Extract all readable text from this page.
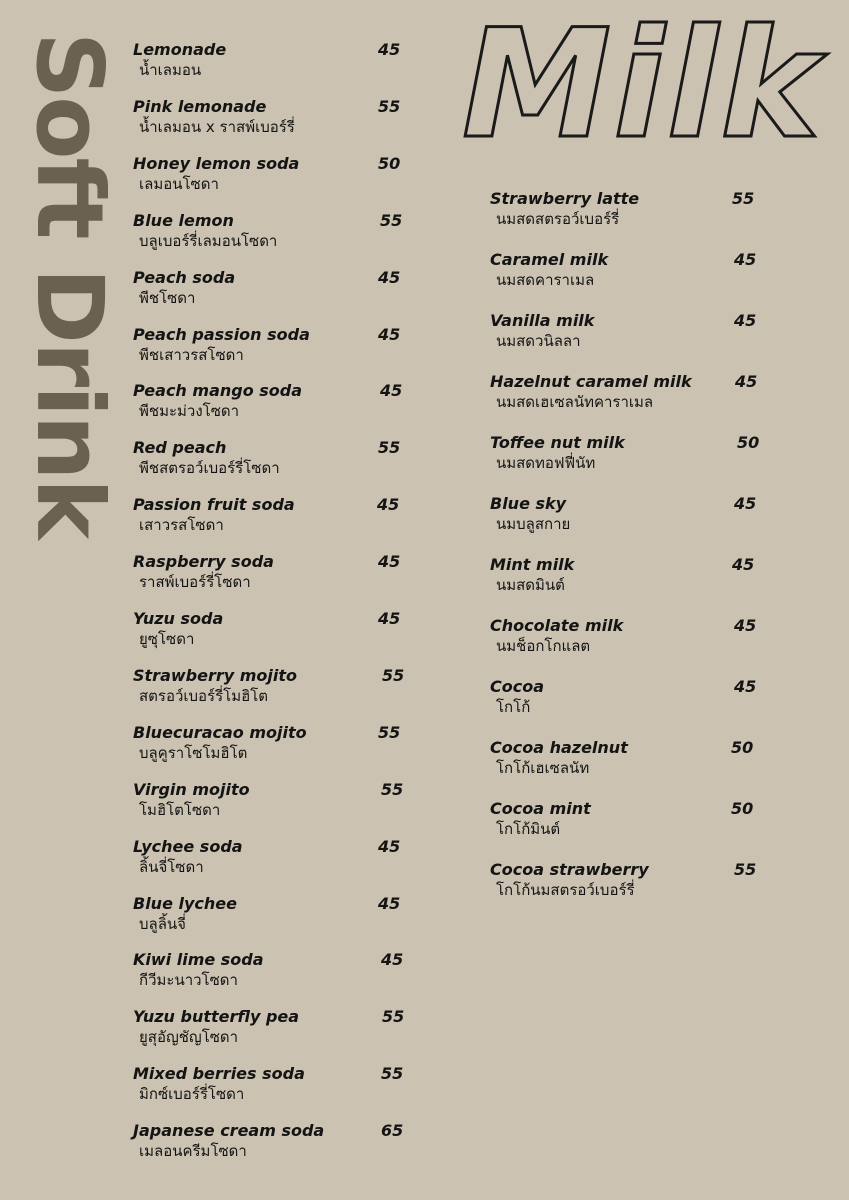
Soft Drink Milk
Lemonade
น้ำเลมอน
45
Pink lemonade
น้ำเลมอน x ราสพ์เบอร์รี่
55
Honey lemon soda
เลมอนโซดา
50
Blue lemon
บลูเบอร์รี่เลมอนโซดา
55
Peach soda
พีชโซดา
45
Peach passion soda
พีชเสาวรสโซดา
45
Peach mango soda
พีชมะม่วงโซดา
45
Red peach
พีชสตรอว์เบอร์รี่โซดา
55
Passion fruit soda
เสาวรสโซดา
45
Raspberry soda
ราสพ์เบอร์รี่โซดา
45
Yuzu soda
ยูซุโซดา
45
Strawberry mojito
สตรอว์เบอร์รี่โมฮิโต
55
Bluecuracao mojito
บลูคูราโซโมฮิโต
55
Virgin mojito
โมฮิโตโซดา
55
Lychee soda
ลิ้นจี่โซดา
45
Blue lychee
บลูลิ้นจี่
45
Kiwi lime soda
กีวีมะนาวโซดา
45
Yuzu butterfly pea
ยูสุอัญชัญโซดา
55
Mixed berries soda
มิกซ์เบอร์รี่โซดา
55
Japanese cream soda
เมลอนครีมโซดา
65
Strawberry latte
นมสดสตรอว์เบอร์รี่
55
Caramel milk
นมสดคาราเมล
45
Vanilla milk
นมสดวนิลลา
45
Hazelnut caramel milk
นมสดเฮเซลนัทคาราเมล
45
Toffee nut milk
นมสดทอฟฟี่นัท
50
Blue sky
นมบลูสกาย
45
Mint milk
นมสดมินต์
45
Chocolate milk
นมช็อกโกแลต
45
Cocoa
โกโก้
45
Cocoa hazelnut
โกโก้เฮเซลนัท
50
Cocoa mint
โกโก้มินต์
50
Cocoa strawberry
โกโก้นมสตรอว์เบอร์รี่
55
